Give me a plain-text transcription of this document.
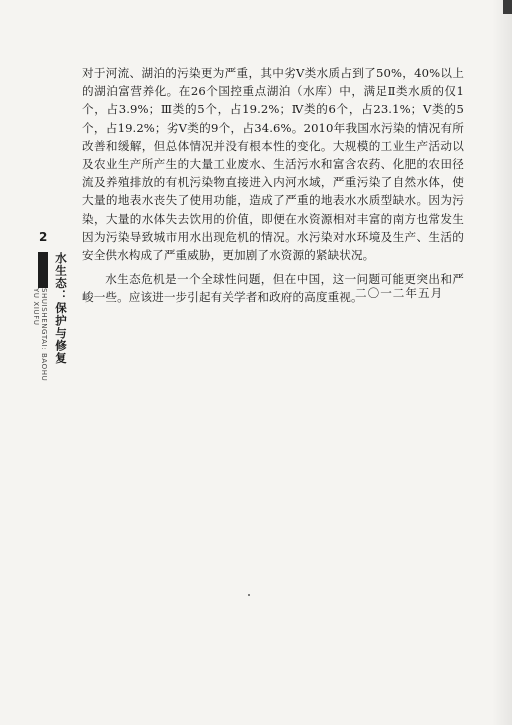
2
SHUISHENGTAI: BAOHU YU XIUFU	水生态：保护与修复

对于河流、湖泊的污染更为严重，其中劣Ⅴ类水质占到了50%，40%以上的湖泊富营养化。在26个国控重点湖泊（水库）中，满足Ⅱ类水质的仅1个，占3.9%；Ⅲ类的5个，占19.2%；Ⅳ类的6个，占23.1%；Ⅴ类的5个，占19.2%；劣Ⅴ类的9个，占34.6%。2010年我国水污染的情况有所改善和缓解，但总体情况并没有根本性的变化。大规模的工业生产活动以及农业生产所产生的大量工业废水、生活污水和富含农药、化肥的农田径流及养殖排放的有机污染物直接进入内河水域，严重污染了自然水体，使大量的地表水丧失了使用功能，造成了严重的地表水水质型缺水。因为污染，大量的水体失去饮用的价值，即便在水资源相对丰富的南方也常发生因为污染导致城市用水出现危机的情况。水污染对水环境及生产、生活的安全供水构成了严重威胁，更加剧了水资源的紧缺状况。

水生态危机是一个全球性问题，但在中国，这一问题可能更突出和严峻一些。应该进一步引起有关学者和政府的高度重视。

二〇一二年五月
